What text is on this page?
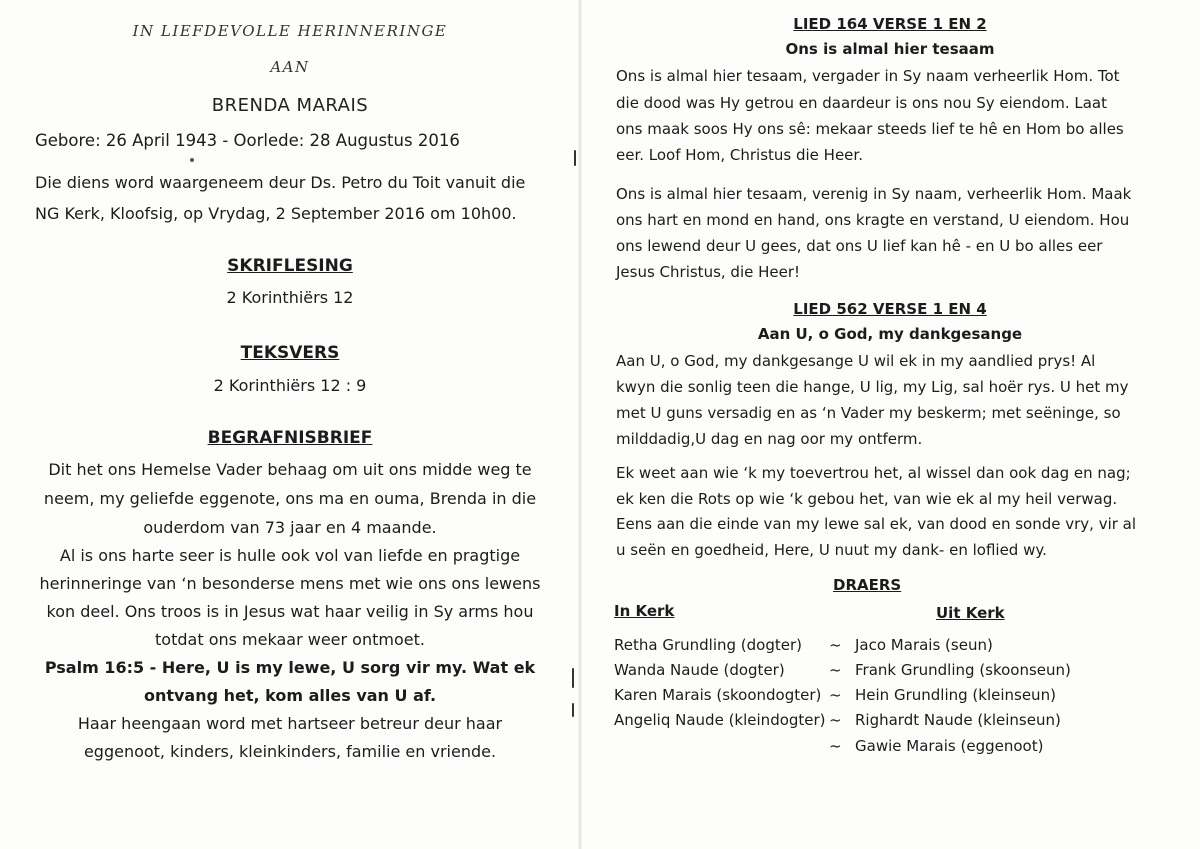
IN LIEFDEVOLLE HERINNERINGE
AAN
BRENDA MARAIS
Gebore: 26 April 1943 - Oorlede: 28 Augustus 2016
Die diens word waargeneem deur Ds. Petro du Toit vanuit die
NG Kerk, Kloofsig, op Vrydag, 2 September 2016 om 10h00.
SKRIFLESING
2 Korinthiërs 12
TEKSVERS
2 Korinthiërs 12 : 9
BEGRAFNISBRIEF
Dit het ons Hemelse Vader behaag om uit ons midde weg te
neem, my geliefde eggenote, ons ma en ouma, Brenda in die
ouderdom van 73 jaar en 4 maande.
Al is ons harte seer is hulle ook vol van liefde en pragtige
herinneringe van ‘n besonderse mens met wie ons ons lewens
kon deel. Ons troos is in Jesus wat haar veilig in Sy arms hou
totdat ons mekaar weer ontmoet.
Psalm 16:5 - Here, U is my lewe, U sorg vir my. Wat ek
ontvang het, kom alles van U af.
Haar heengaan word met hartseer betreur deur haar
eggenoot, kinders, kleinkinders, familie en vriende.
LIED 164 VERSE 1 EN 2
Ons is almal hier tesaam
Ons is almal hier tesaam, vergader in Sy naam verheerlik Hom. Tot
die dood was Hy getrou en daardeur is ons nou Sy eiendom. Laat
ons maak soos Hy ons sê: mekaar steeds lief te hê en Hom bo alles
eer. Loof Hom, Christus die Heer.
Ons is almal hier tesaam, verenig in Sy naam, verheerlik Hom. Maak
ons hart en mond en hand, ons kragte en verstand, U eiendom. Hou
ons lewend deur U gees, dat ons U lief kan hê - en U bo alles eer
Jesus Christus, die Heer!
LIED 562 VERSE 1 EN 4
Aan U, o God, my dankgesange
Aan U, o God, my dankgesange U wil ek in my aandlied prys! Al
kwyn die sonlig teen die hange, U lig, my Lig, sal hoër rys. U het my
met U guns versadig en as ‘n Vader my beskerm; met seëninge, so
milddadig,U dag en nag oor my ontferm.
Ek weet aan wie ‘k my toevertrou het, al wissel dan ook dag en nag;
ek ken die Rots op wie ‘k gebou het, van wie ek al my heil verwag.
Eens aan die einde van my lewe sal ek, van dood en sonde vry, vir al
u seën en goedheid, Here, U nuut my dank- en loflied wy.
DRAERS
In Kerk	Uit Kerk
Retha Grundling (dogter)
Wanda Naude (dogter)
Karen Marais (skoondogter)
Angeliq Naude (kleindogter)
~
~
~
~
~
Jaco Marais (seun)
Frank Grundling (skoonseun)
Hein Grundling (kleinseun)
Righardt Naude (kleinseun)
Gawie Marais (eggenoot)
